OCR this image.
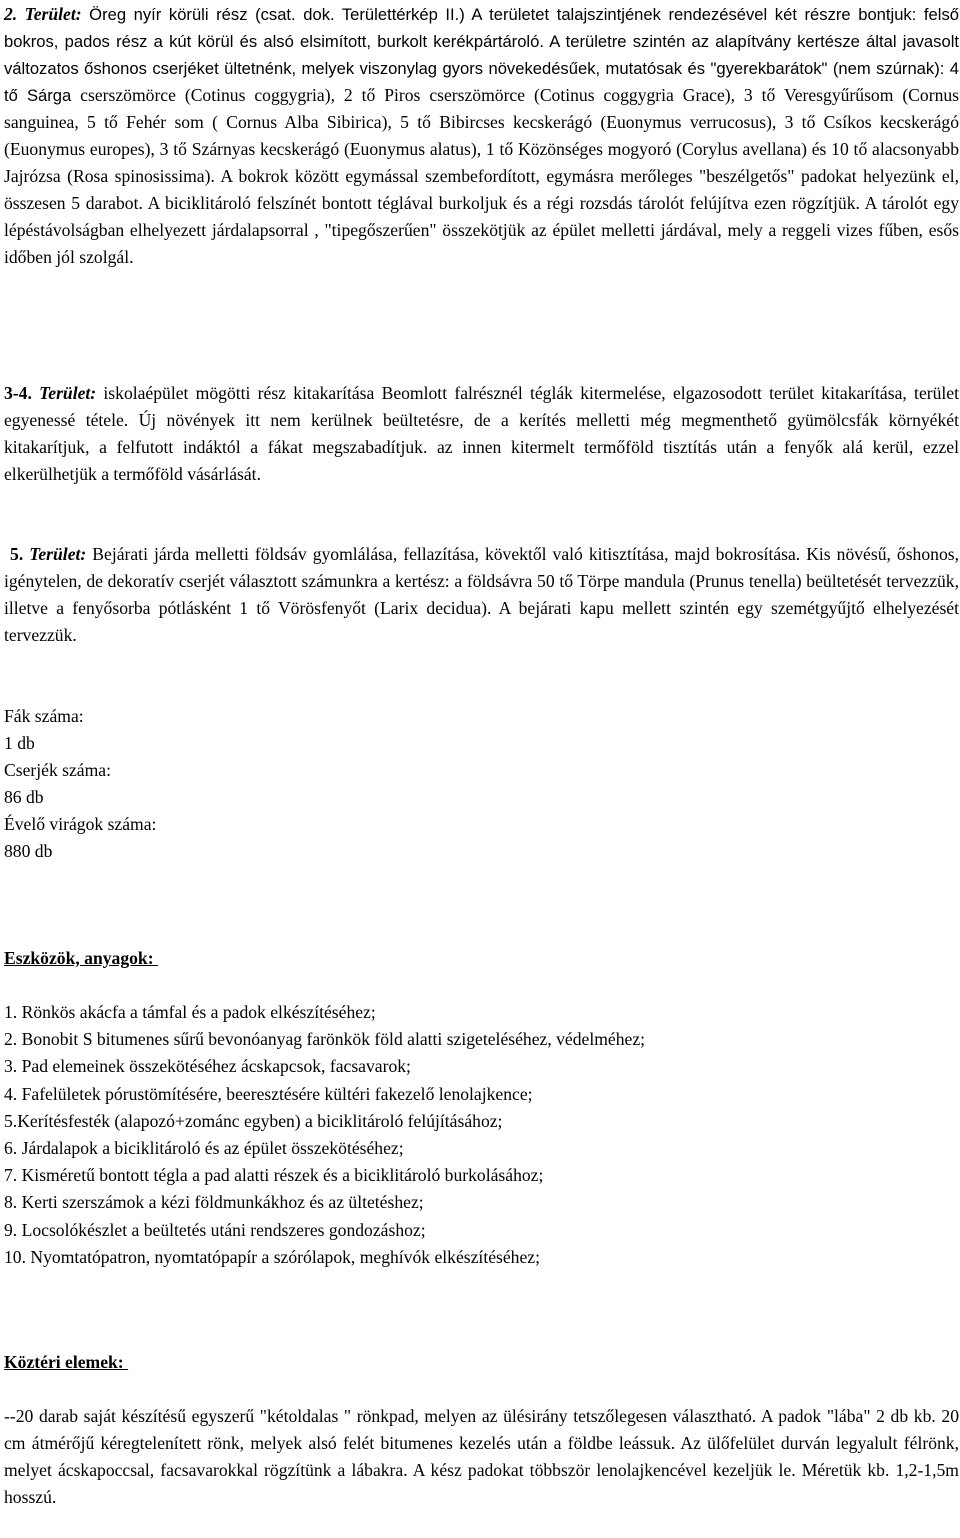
2. Terület: Öreg nyír körüli rész (csat. dok. Területtérkép II.) A területet talajszintjének rendezésével két részre bontjuk: felső bokros, pados rész a kút körül és alsó elsimított, burkolt kerékpártároló. A területre szintén az alapítvány kertésze által javasolt változatos őshonos cserjéket ültetnénk, melyek viszonylag gyors növekedésűek, mutatósak és "gyerekbarátok" (nem szúrnak): 4 tő Sárga cserszömörce (Cotinus coggygria), 2 tő Piros cserszömörce (Cotinus coggygria Grace), 3 tő Veresgyűrűsom (Cornus sanguinea, 5 tő Fehér som ( Cornus Alba Sibirica), 5 tő Bibircses kecskerágó (Euonymus verrucosus), 3 tő Csíkos kecskerágó (Euonymus europes), 3 tő Szárnyas kecskerágó (Euonymus alatus), 1 tő Közönséges mogyoró (Corylus avellana) és 10 tő alacsonyabb Jajrózsa (Rosa spinosissima). A bokrok között egymással szembefordított, egymásra merőleges "beszélgetős" padokat helyezünk el, összesen 5 darabot. A biciklitároló felszínét bontott téglával burkoljuk és a régi rozsdás tárolót felújítva ezen rögzítjük. A tárolót egy lépéstávolságban elhelyezett járdalapsorral , "tipegőszerűen" összekötjük az épület melletti járdával, mely a reggeli vizes fűben, esős időben jól szolgál.

3-4. Terület: iskolaépület mögötti rész kitakarítása Beomlott falrésznél téglák kitermelése, elgazosodott terület kitakarítása, terület egyenessé tétele. Új növények itt nem kerülnek beültetésre, de a kerítés melletti még megmenthető gyümölcsfák környékét kitakarítjuk, a felfutott indáktól a fákat megszabadítjuk. az innen kitermelt termőföld tisztítás után a fenyők alá kerül, ezzel elkerülhetjük a termőföld vásárlását.

5. Terület: Bejárati járda melletti földsáv gyomlálása, fellazítása, kövektől való kitisztítása, majd bokrosítása. Kis növésű, őshonos, igénytelen, de dekoratív cserjét választott számunkra a kertész: a földsávra 50 tő Törpe mandula (Prunus tenella) beültetését tervezzük, illetve a fenyősorba pótlásként 1 tő Vörösfenyőt (Larix decidua). A bejárati kapu mellett szintén egy szemétgyűjtő elhelyezését tervezzük.

Fák száma:
1 db
Cserjék száma:
86 db
Évelő virágok száma:
880 db
Eszközök, anyagok:
1. Rönkös akácfa a támfal és a padok elkészítéséhez;
2. Bonobit S bitumenes sűrű bevonóanyag farönkök föld alatti szigeteléséhez, védelméhez;
3. Pad elemeinek összekötéséhez ácskapcsok, facsavarok;
4. Fafelületek pórustömítésére, beeresztésére kültéri fakezelő lenolajkence;
5.Kerítésfesték (alapozó+zománc egyben) a biciklitároló felújításához;
6. Járdalapok a biciklitároló és az épület összekötéséhez;
7. Kisméretű bontott tégla a pad alatti részek és a biciklitároló burkolásához;
8. Kerti szerszámok a kézi földmunkákhoz és az ültetéshez;
9. Locsolókészlet a beültetés utáni rendszeres gondozáshoz;
10. Nyomtatópatron, nyomtatópapír a szórólapok, meghívók elkészítéséhez;
Köztéri elemek:

--20 darab saját készítésű egyszerű "kétoldalas " rönkpad, melyen az ülésirány tetszőlegesen választható. A padok "lába" 2 db kb. 20 cm átmérőjű kéregtelenített rönk, melyek alsó felét bitumenes kezelés után a földbe leássuk. Az ülőfelület durván legyalult félrönk, melyet ácskapoccsal, facsavarokkal rögzítünk a lábakra. A kész padokat többször lenolajkencével kezeljük le. Méretük kb. 1,2-1,5m hosszú.
